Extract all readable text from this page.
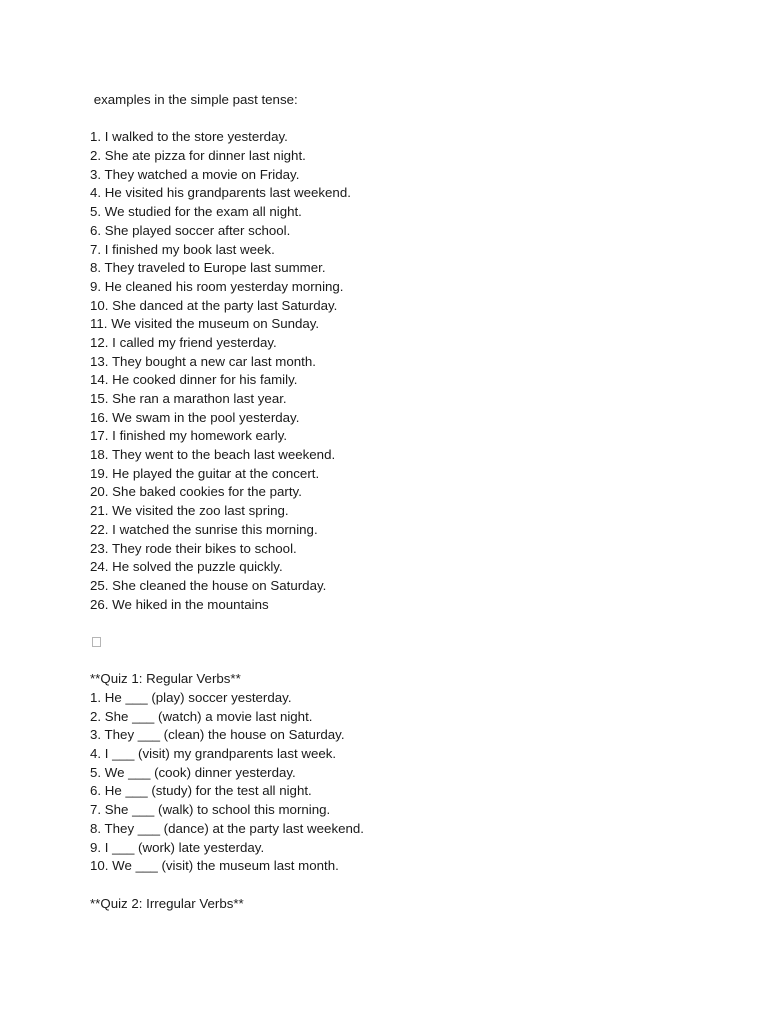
examples in the simple past tense:
1. I walked to the store yesterday.
2. She ate pizza for dinner last night.
3. They watched a movie on Friday.
4. He visited his grandparents last weekend.
5. We studied for the exam all night.
6. She played soccer after school.
7. I finished my book last week.
8. They traveled to Europe last summer.
9. He cleaned his room yesterday morning.
10. She danced at the party last Saturday.
11. We visited the museum on Sunday.
12. I called my friend yesterday.
13. They bought a new car last month.
14. He cooked dinner for his family.
15. She ran a marathon last year.
16. We swam in the pool yesterday.
17. I finished my homework early.
18. They went to the beach last weekend.
19. He played the guitar at the concert.
20. She baked cookies for the party.
21. We visited the zoo last spring.
22. I watched the sunrise this morning.
23. They rode their bikes to school.
24. He solved the puzzle quickly.
25. She cleaned the house on Saturday.
26. We hiked in the mountains
**Quiz 1: Regular Verbs**
1. He ___ (play) soccer yesterday.
2. She ___ (watch) a movie last night.
3. They ___ (clean) the house on Saturday.
4. I ___ (visit) my grandparents last week.
5. We ___ (cook) dinner yesterday.
6. He ___ (study) for the test all night.
7. She ___ (walk) to school this morning.
8. They ___ (dance) at the party last weekend.
9. I ___ (work) late yesterday.
10. We ___ (visit) the museum last month.
**Quiz 2: Irregular Verbs**
